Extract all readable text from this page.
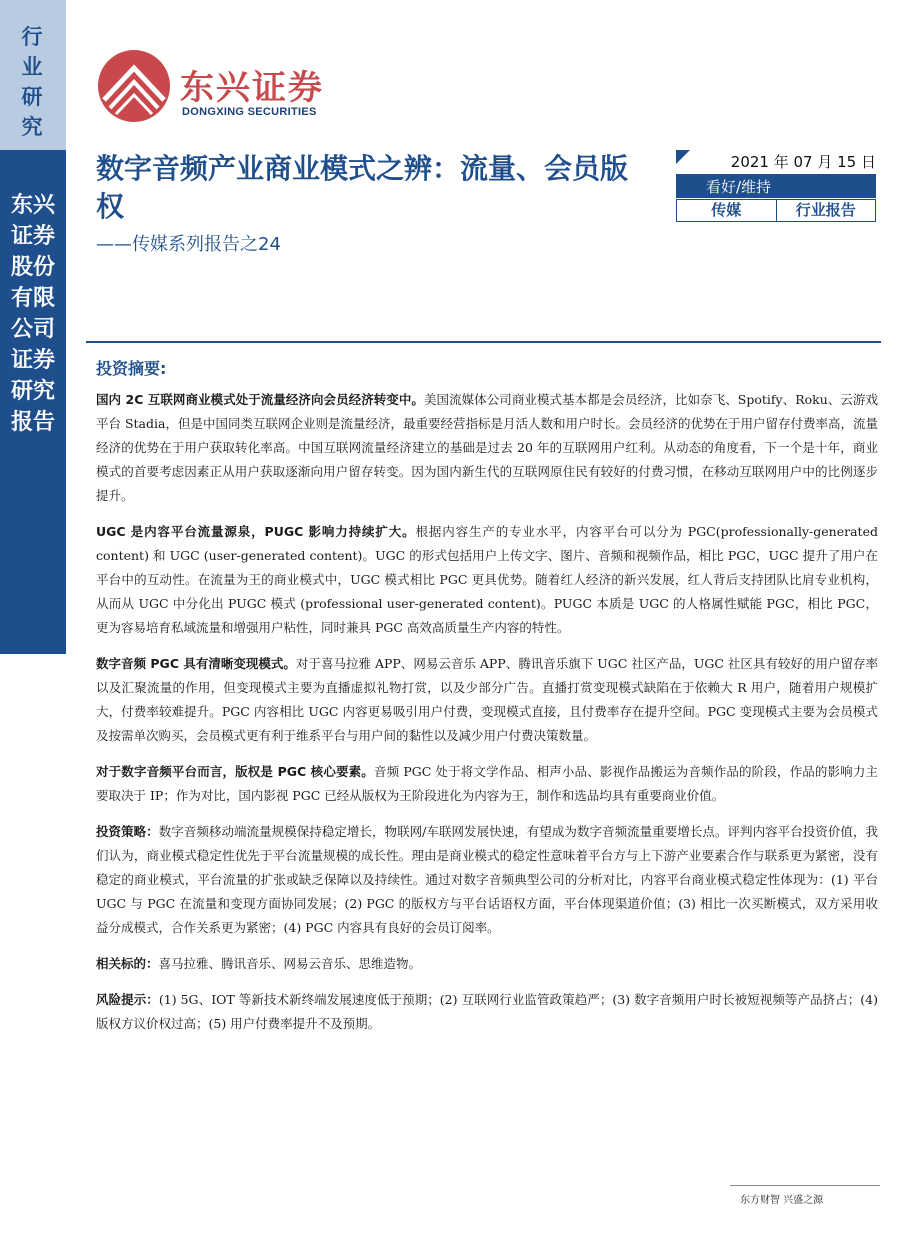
行业研究
东兴证券股份有限公司证券研究报告
东兴证券
DONGXING SECURITIES
数字音频产业商业模式之辨：流量、会员版权
——传媒系列报告之24
2021 年 07 月 15 日
看好/维持
传媒	行业报告
投资摘要:

国内 2C 互联网商业模式处于流量经济向会员经济转变中。美国流媒体公司商业模式基本都是会员经济，比如奈飞、Spotify、Roku、云游戏平台 Stadia，但是中国同类互联网企业则是流量经济，最重要经营指标是月活人数和用户时长。会员经济的优势在于用户留存付费率高，流量经济的优势在于用户获取转化率高。中国互联网流量经济建立的基础是过去 20 年的互联网用户红利。从动态的角度看，下一个是十年，商业模式的首要考虑因素正从用户获取逐渐向用户留存转变。因为国内新生代的互联网原住民有较好的付费习惯，在移动互联网用户中的比例逐步提升。

UGC 是内容平台流量源泉，PUGC 影响力持续扩大。根据内容生产的专业水平，内容平台可以分为 PGC(professionally-generated content) 和 UGC (user-generated content)。UGC 的形式包括用户上传文字、图片、音频和视频作品，相比 PGC，UGC 提升了用户在平台中的互动性。在流量为王的商业模式中，UGC 模式相比 PGC 更具优势。随着红人经济的新兴发展，红人背后支持团队比肩专业机构，从而从 UGC 中分化出 PUGC 模式 (professional user-generated content)。PUGC 本质是 UGC 的人格属性赋能 PGC，相比 PGC，更为容易培育私域流量和增强用户粘性，同时兼具 PGC 高效高质量生产内容的特性。

数字音频 PGC 具有清晰变现模式。对于喜马拉雅 APP、网易云音乐 APP、腾讯音乐旗下 UGC 社区产品，UGC 社区具有较好的用户留存率以及汇聚流量的作用，但变现模式主要为直播虚拟礼物打赏，以及少部分广告。直播打赏变现模式缺陷在于依赖大 R 用户，随着用户规模扩大，付费率较难提升。PGC 内容相比 UGC 内容更易吸引用户付费，变现模式直接，且付费率存在提升空间。PGC 变现模式主要为会员模式及按需单次购买，会员模式更有利于维系平台与用户间的黏性以及减少用户付费决策数量。

对于数字音频平台而言，版权是 PGC 核心要素。音频 PGC 处于将文学作品、相声小品、影视作品搬运为音频作品的阶段，作品的影响力主要取决于 IP；作为对比，国内影视 PGC 已经从版权为王阶段进化为内容为王，制作和选品均具有重要商业价值。

投资策略：数字音频移动端流量规模保持稳定增长，物联网/车联网发展快速，有望成为数字音频流量重要增长点。评判内容平台投资价值，我们认为，商业模式稳定性优先于平台流量规模的成长性。理由是商业模式的稳定性意味着平台方与上下游产业要素合作与联系更为紧密，没有稳定的商业模式，平台流量的扩张或缺乏保障以及持续性。通过对数字音频典型公司的分析对比，内容平台商业模式稳定性体现为：(1) 平台 UGC 与 PGC 在流量和变现方面协同发展；(2) PGC 的版权方与平台话语权方面，平台体现渠道价值；(3) 相比一次买断模式，双方采用收益分成模式，合作关系更为紧密；(4) PGC 内容具有良好的会员订阅率。

相关标的：喜马拉雅、腾讯音乐、网易云音乐、思维造物。

风险提示：(1) 5G、IOT 等新技术新终端发展速度低于预期；(2) 互联网行业监管政策趋严；(3) 数字音频用户时长被短视频等产品挤占；(4) 版权方议价权过高；(5) 用户付费率提升不及预期。

东方财智 兴盛之源
